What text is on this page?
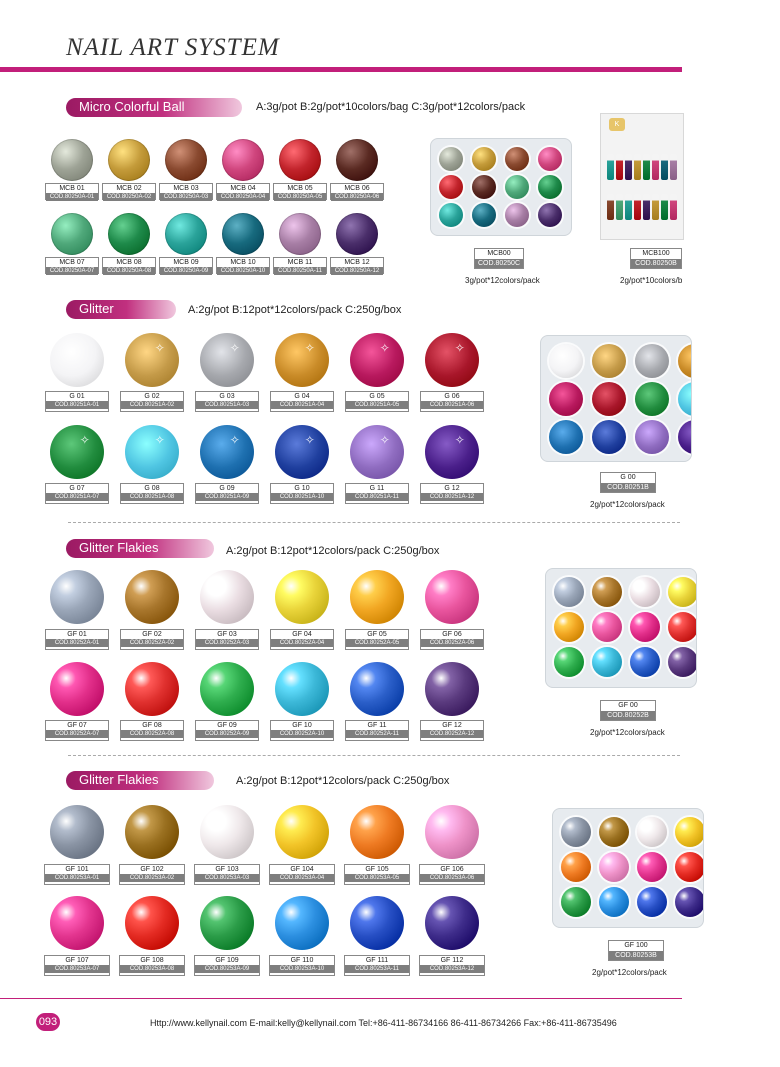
NAIL ART SYSTEM
Micro Colorful Ball	A:3g/pot B:2g/pot*10colors/bag C:3g/pot*12colors/pack
MCB 01
COD.80250A-01
MCB 02
COD.80250A-02
MCB 03
COD.80250A-03
MCB 04
COD.80250A-04
MCB 05
COD.80250A-05
MCB 06
COD.80250A-06
MCB 07
COD.80250A-07
MCB 08
COD.80250A-08
MCB 09
COD.80250A-09
MCB 10
COD.80250A-10
MCB 11
COD.80250A-11
MCB 12
COD.80250A-12
MCB00
COD.80250C
3g/pot*12colors/pack
K
MCB100
COD.80250B
2g/pot*10colors/b
Glitter	A:2g/pot B:12pot*12colors/pack C:250g/box
G 01
COD.80251A-01
✧
G 02
COD.80251A-02
✧
G 03
COD.80251A-03
✧
G 04
COD.80251A-04
✧
G 05
COD.80251A-05
✧
G 06
COD.80251A-06
✧
G 07
COD.80251A-07
✧
G 08
COD.80251A-08
✧
G 09
COD.80251A-09
✧
G 10
COD.80251A-10
✧
G 11
COD.80251A-11
✧
G 12
COD.80251A-12
G 00
COD.80251B
2g/pot*12colors/pack
Glitter Flakies	A:2g/pot B:12pot*12colors/pack C:250g/box
GF 01
COD.80252A-01
GF 02
COD.80252A-02
GF 03
COD.80252A-03
GF 04
COD.80252A-04
GF 05
COD.80252A-05
GF 06
COD.80252A-06
GF 07
COD.80252A-07
GF 08
COD.80252A-08
GF 09
COD.80252A-09
GF 10
COD.80252A-10
GF 11
COD.80252A-11
GF 12
COD.80252A-12
GF 00
COD.80252B
2g/pot*12colors/pack
Glitter Flakies	A:2g/pot B:12pot*12colors/pack C:250g/box
GF 101
COD.80253A-01
GF 102
COD.80253A-02
GF 103
COD.80253A-03
GF 104
COD.80253A-04
GF 105
COD.80253A-05
GF 106
COD.80253A-06
GF 107
COD.80253A-07
GF 108
COD.80253A-08
GF 109
COD.80253A-09
GF 110
COD.80253A-10
GF 111
COD.80253A-11
GF 112
COD.80253A-12
GF 100
COD.80253B
2g/pot*12colors/pack
093	Http://www.kellynail.com E-mail:kelly@kellynail.com Tel:+86-411-86734166 86-411-86734266 Fax:+86-411-86735496
